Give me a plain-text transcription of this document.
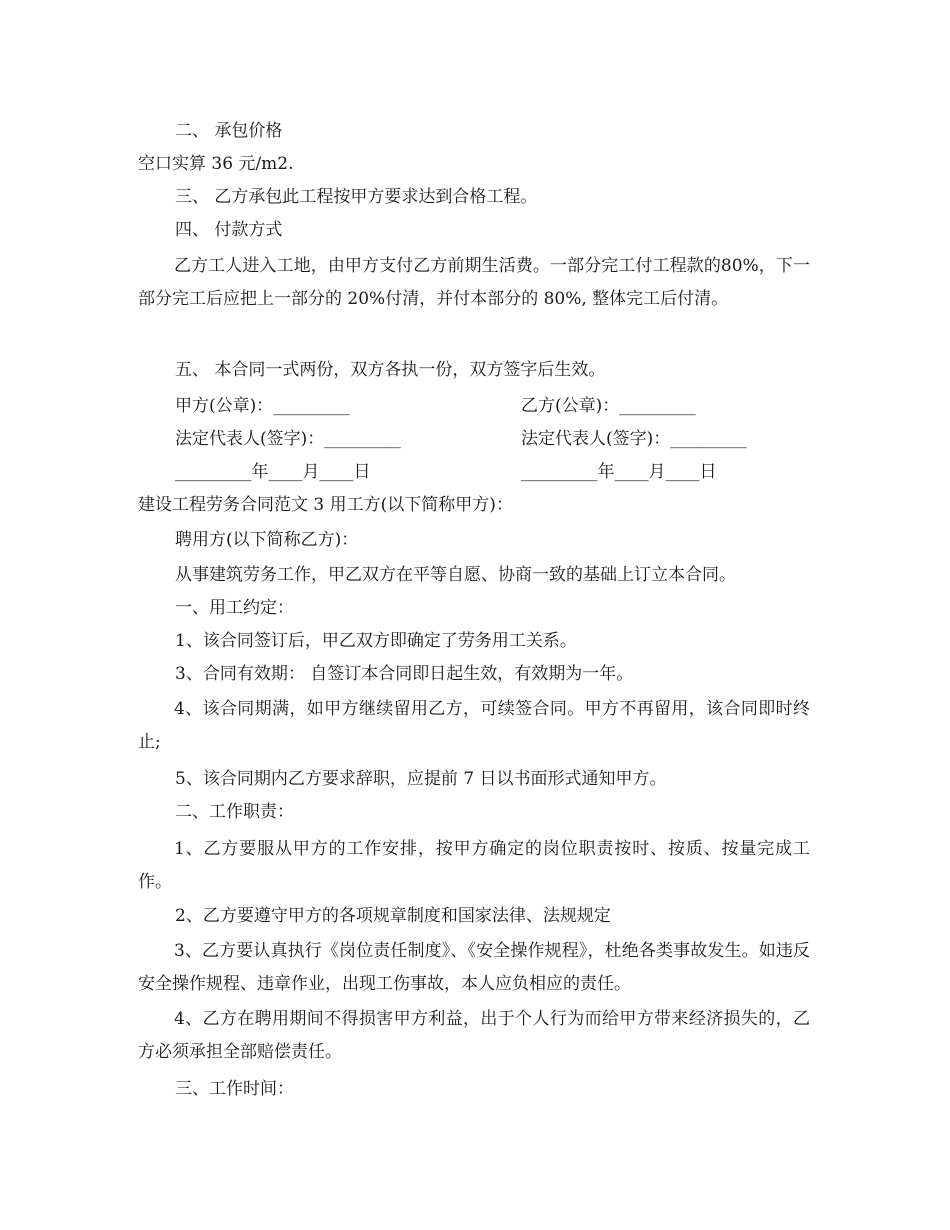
二、 承包价格
空口实算 36 元/m2.
三、 乙方承包此工程按甲方要求达到合格工程。
四、 付款方式

乙方工人进入工地，由甲方支付乙方前期生活费。一部分完工付工程款的80%，下一部分完工后应把上一部分的 20%付清，并付本部分的 80%, 整体完工后付清。

五、 本合同一式两份，双方各执一份，双方签字后生效。
甲方(公章)：_________	乙方(公章)：_________
法定代表人(签字)：_________	法定代表人(签字)：_________
_________年____月____日	_________年____月____日
建设工程劳务合同范文 3 用工方(以下简称甲方)：
聘用方(以下简称乙方)：
从事建筑劳务工作，甲乙双方在平等自愿、协商一致的基础上订立本合同。
一、用工约定：
1、该合同签订后，甲乙双方即确定了劳务用工关系。
3、合同有效期： 自签订本合同即日起生效，有效期为一年。

4、该合同期满，如甲方继续留用乙方，可续签合同。甲方不再留用，该合同即时终止;

5、该合同期内乙方要求辞职，应提前 7 日以书面形式通知甲方。
二、工作职责：

1、乙方要服从甲方的工作安排，按甲方确定的岗位职责按时、按质、按量完成工作。

2、乙方要遵守甲方的各项规章制度和国家法律、法规规定

3、乙方要认真执行《岗位责任制度》、《安全操作规程》，杜绝各类事故发生。如违反安全操作规程、违章作业，出现工伤事故，本人应负相应的责任。

4、乙方在聘用期间不得损害甲方利益，出于个人行为而给甲方带来经济损失的，乙方必须承担全部赔偿责任。

三、工作时间：
